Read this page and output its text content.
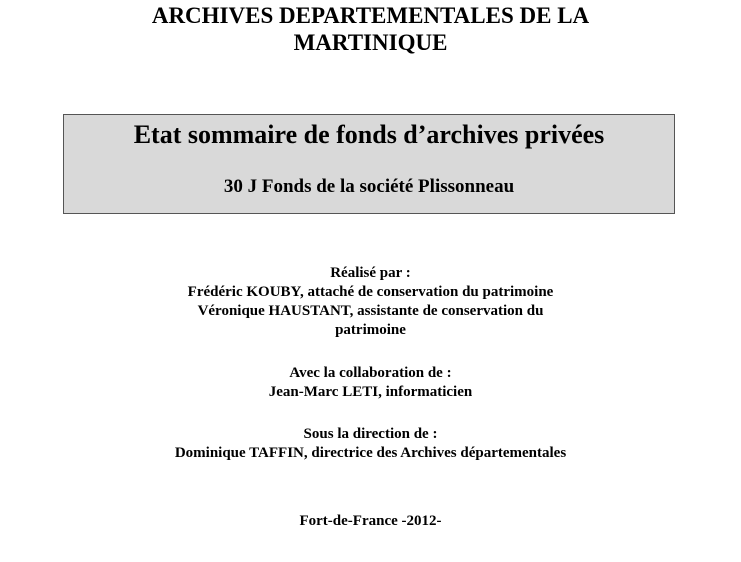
ARCHIVES DEPARTEMENTALES DE LA
MARTINIQUE
Etat sommaire de fonds d’archives privées
30 J Fonds de la société Plissonneau
Réalisé par :
Frédéric KOUBY, attaché de conservation du patrimoine
Véronique HAUSTANT, assistante de conservation du
patrimoine
Avec la collaboration de :
Jean-Marc LETI, informaticien
Sous la direction de :
Dominique TAFFIN, directrice des Archives départementales
Fort-de-France -2012-
